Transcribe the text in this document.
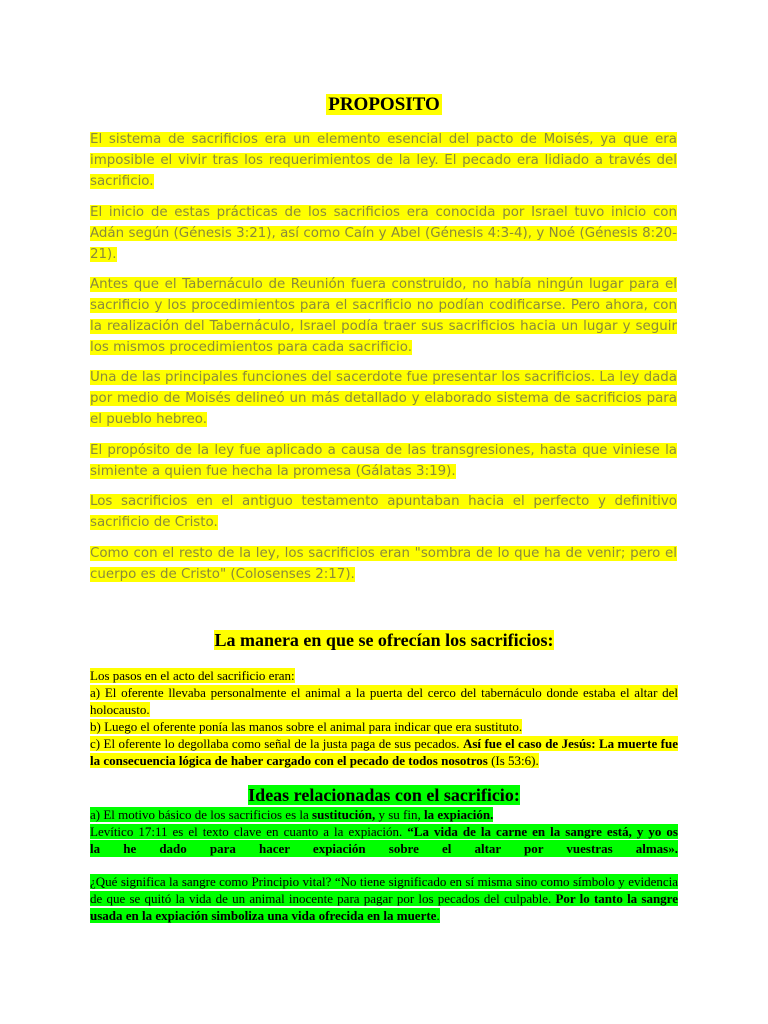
PROPOSITO

El sistema de sacrificios era un elemento esencial del pacto de Moisés, ya que era imposible el vivir tras los requerimientos de la ley. El pecado era lidiado a través del sacrificio.

El inicio de estas prácticas de los sacrificios era conocida por Israel tuvo inicio con Adán según (Génesis 3:21), así como Caín y Abel (Génesis 4:3-4), y Noé (Génesis 8:20-21).

Antes que el Tabernáculo de Reunión fuera construido, no había ningún lugar para el sacrificio y los procedimientos para el sacrificio no podían codificarse. Pero ahora, con la realización del Tabernáculo, Israel podía traer sus sacrificios hacia un lugar y seguir los mismos procedimientos para cada sacrificio.

Una de las principales funciones del sacerdote fue presentar los sacrificios. La ley dada por medio de Moisés delineó un más detallado y elaborado sistema de sacrificios para el pueblo hebreo.

El propósito de la ley fue aplicado a causa de las transgresiones, hasta que viniese la simiente a quien fue hecha la promesa (Gálatas 3:19).

Los sacrificios en el antiguo testamento apuntaban hacia el perfecto y definitivo sacrificio de Cristo.

Como con el resto de la ley, los sacrificios eran "sombra de lo que ha de venir; pero el cuerpo es de Cristo" (Colosenses 2:17).

La manera en que se ofrecían los sacrificios:

Los pasos en el acto del sacrificio eran:
a) El oferente llevaba personalmente el animal a la puerta del cerco del tabernáculo donde estaba el altar del holocausto.
b) Luego el oferente ponía las manos sobre el animal para indicar que era sustituto.
c) El oferente lo degollaba como señal de la justa paga de sus pecados. Así fue el caso de Jesús: La muerte fue la consecuencia lógica de haber cargado con el pecado de todos nosotros (Is 53:6).

Ideas relacionadas con el sacrificio:

a) El motivo básico de los sacrificios es la sustitución, y su fin, la expiación.
Levítico 17:11 es el texto clave en cuanto a la expiación. “La vida de la carne en la sangre está, y yo os
la he dado para hacer expiación sobre el altar por vuestras almas».

¿Qué significa la sangre como Principio vital? “No tiene significado en sí misma sino como símbolo y evidencia de que se quitó la vida de un animal inocente para pagar por los pecados del culpable. Por lo tanto la sangre usada en la expiación simboliza una vida ofrecida en la muerte.
